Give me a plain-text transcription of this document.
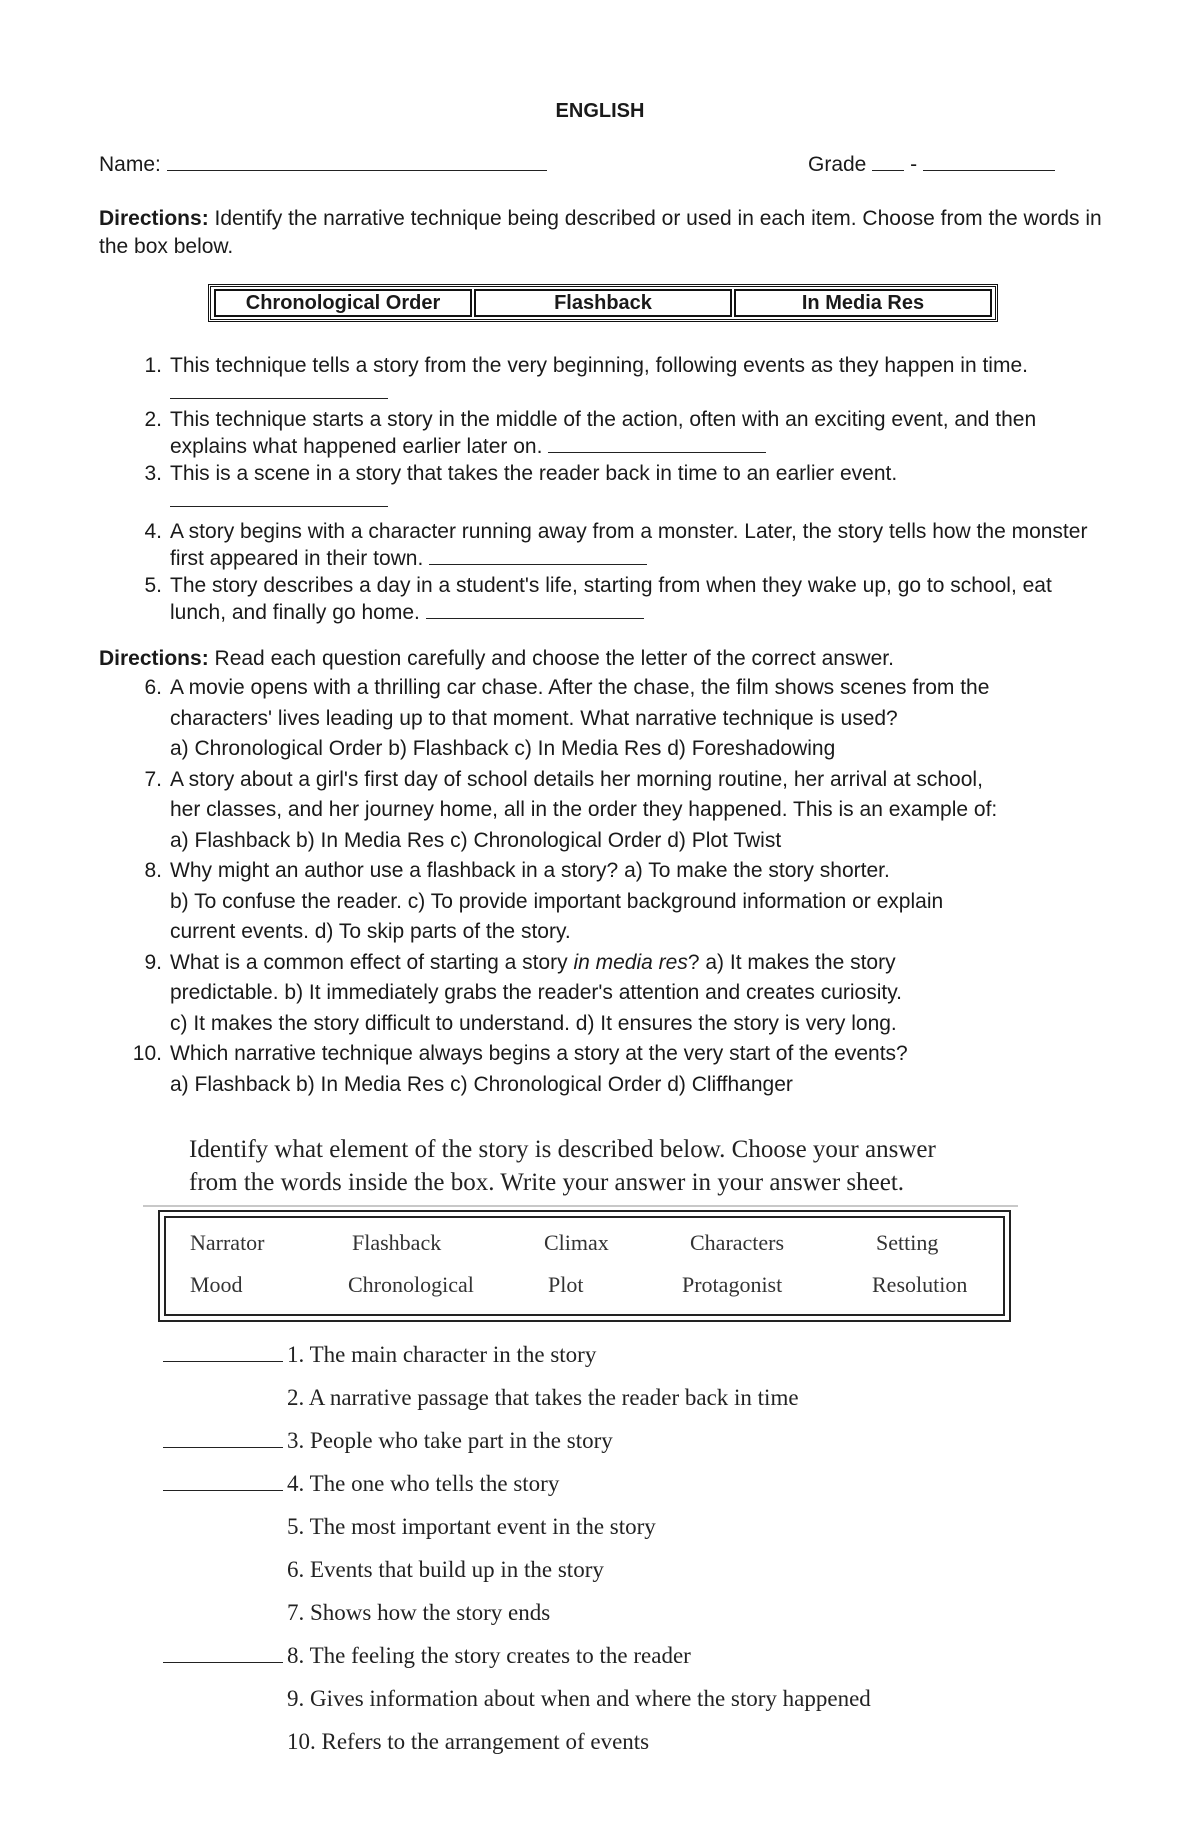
ENGLISH
Name:	Grade -
Directions: Identify the narrative technique being described or used in each item. Choose from the words in the box below.
Chronological Order	Flashback	In Media Res
1. This technique tells a story from the very beginning, following events as they happen in time.
2. This technique starts a story in the middle of the action, often with an exciting event, and then explains what happened earlier later on.
3. This is a scene in a story that takes the reader back in time to an earlier event.

4. A story begins with a character running away from a monster. Later, the story tells how the monster first appeared in their town.
5. The story describes a day in a student's life, starting from when they wake up, go to school, eat lunch, and finally go home.
Directions: Read each question carefully and choose the letter of the correct answer.
6. A movie opens with a thrilling car chase. After the chase, the film shows scenes from the
characters' lives leading up to that moment. What narrative technique is used?
a) Chronological Order b) Flashback c) In Media Res d) Foreshadowing
7. A story about a girl's first day of school details her morning routine, her arrival at school,
her classes, and her journey home, all in the order they happened. This is an example of:
a) Flashback b) In Media Res c) Chronological Order d) Plot Twist
8. Why might an author use a flashback in a story? a) To make the story shorter.
b) To confuse the reader. c) To provide important background information or explain
current events. d) To skip parts of the story.
9. What is a common effect of starting a story in media res? a) It makes the story
predictable. b) It immediately grabs the reader's attention and creates curiosity.
c) It makes the story difficult to understand. d) It ensures the story is very long.
10. Which narrative technique always begins a story at the very start of the events?
a) Flashback b) In Media Res c) Chronological Order d) Cliffhanger
Identify what element of the story is described below. Choose your answer
from the words inside the box. Write your answer in your answer sheet.
Narrator	Flashback	Climax	Characters	Setting
Mood	Chronological	Plot	Protagonist	Resolution
1. The main character in the story
2. A narrative passage that takes the reader back in time
3. People who take part in the story
4. The one who tells the story
5. The most important event in the story
6. Events that build up in the story
7. Shows how the story ends
8. The feeling the story creates to the reader
9. Gives information about when and where the story happened
10. Refers to the arrangement of events
